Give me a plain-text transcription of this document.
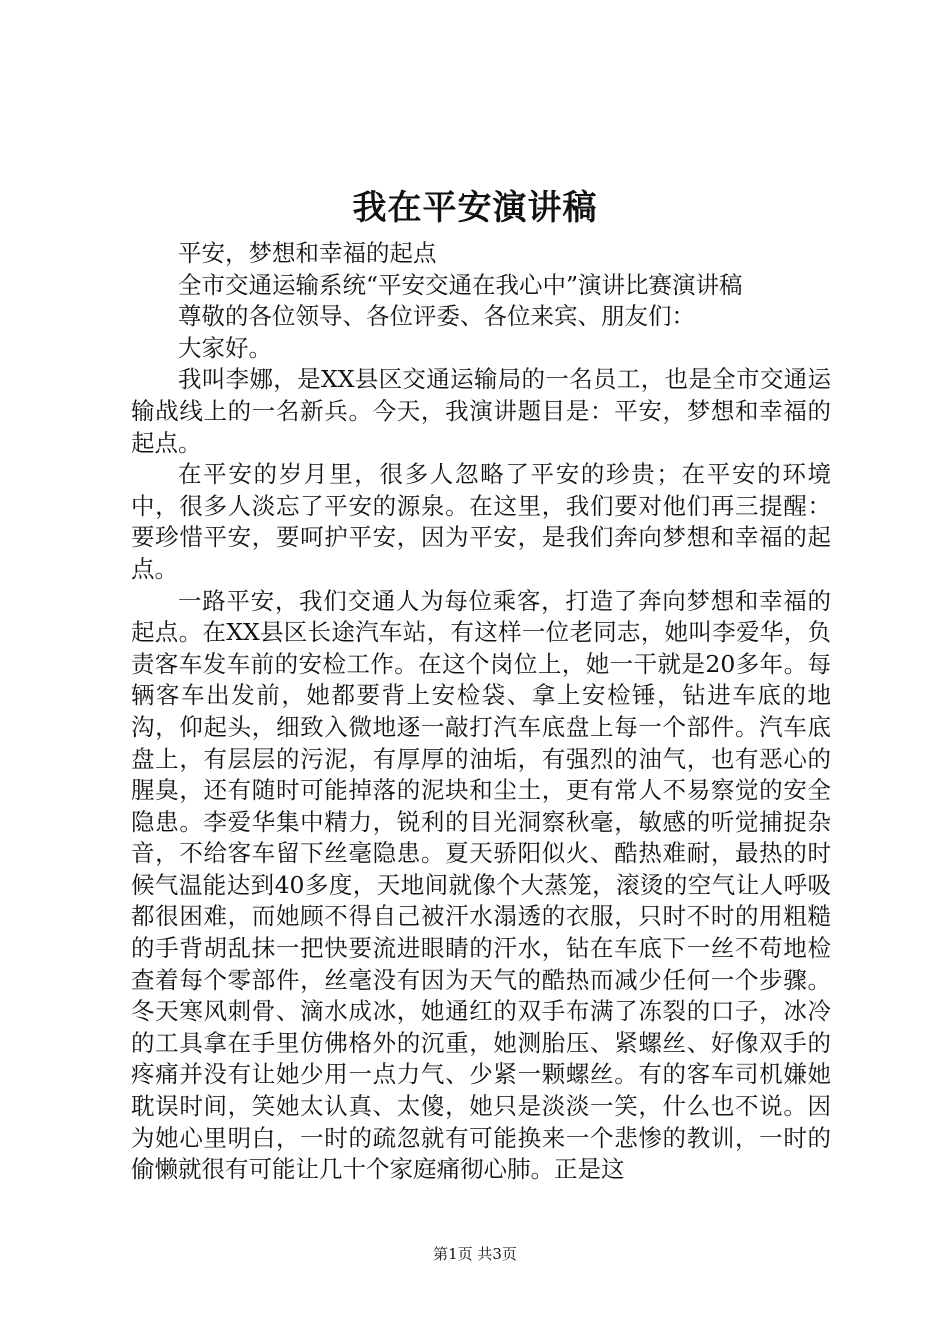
我在平安演讲稿

平安，梦想和幸福的起点

全市交通运输系统“平安交通在我心中”演讲比赛演讲稿

尊敬的各位领导、各位评委、各位来宾、朋友们：

大家好。

我叫李娜，是XX县区交通运输局的一名员工，也是全市交通运输战线上的一名新兵。今天，我演讲题目是：平安，梦想和幸福的起点。

在平安的岁月里，很多人忽略了平安的珍贵；在平安的环境中，很多人淡忘了平安的源泉。在这里，我们要对他们再三提醒：要珍惜平安，要呵护平安，因为平安，是我们奔向梦想和幸福的起点。

一路平安，我们交通人为每位乘客，打造了奔向梦想和幸福的起点。在XX县区长途汽车站，有这样一位老同志，她叫李爱华，负责客车发车前的安检工作。在这个岗位上，她一干就是20多年。每辆客车出发前，她都要背上安检袋、拿上安检锤，钻进车底的地沟，仰起头，细致入微地逐一敲打汽车底盘上每一个部件。汽车底盘上，有层层的污泥，有厚厚的油垢，有强烈的油气，也有恶心的腥臭，还有随时可能掉落的泥块和尘土，更有常人不易察觉的安全隐患。李爱华集中精力，锐利的目光洞察秋毫，敏感的听觉捕捉杂音，不给客车留下丝毫隐患。夏天骄阳似火、酷热难耐，最热的时候气温能达到40多度，天地间就像个大蒸笼，滚烫的空气让人呼吸都很困难，而她顾不得自己被汗水溻透的衣服，只时不时的用粗糙的手背胡乱抹一把快要流进眼睛的汗水，钻在车底下一丝不苟地检查着每个零部件，丝毫没有因为天气的酷热而减少任何一个步骤。冬天寒风刺骨、滴水成冰，她通红的双手布满了冻裂的口子，冰冷的工具拿在手里仿佛格外的沉重，她测胎压、紧螺丝、好像双手的疼痛并没有让她少用一点力气、少紧一颗螺丝。有的客车司机嫌她耽误时间，笑她太认真、太傻，她只是淡淡一笑，什么也不说。因为她心里明白，一时的疏忽就有可能换来一个悲惨的教训，一时的偷懒就很有可能让几十个家庭痛彻心肺。正是这

第1页 共3页
